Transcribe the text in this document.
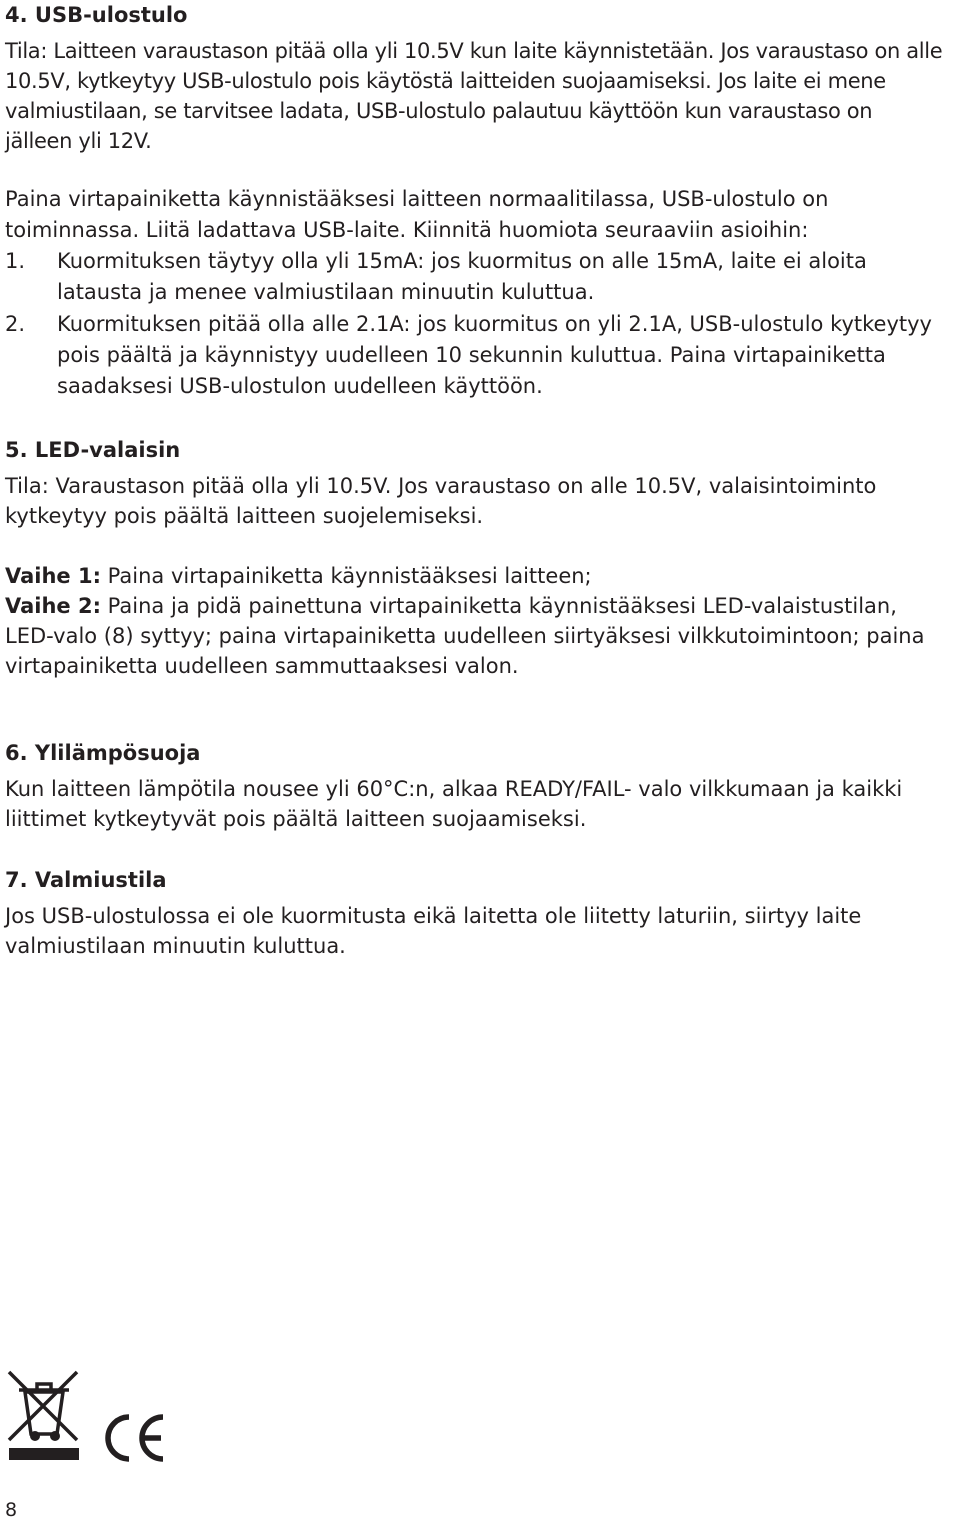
4. USB-ulostulo

Tila: Laitteen varaustason pitää olla yli 10.5V kun laite käynnistetään. Jos varaustaso on alle 10.5V, kytkeytyy USB-ulostulo pois käytöstä laitteiden suojaamiseksi. Jos laite ei mene valmiustilaan, se tarvitsee ladata, USB-ulostulo palautuu käyttöön kun varaustaso on jälleen yli 12V.

Paina virtapainiketta käynnistääksesi laitteen normaalitilassa, USB-ulostulo on toiminnassa. Liitä ladattava USB-laite. Kiinnitä huomiota seuraaviin asioihin:

1.	Kuormituksen täytyy olla yli 15mA: jos kuormitus on alle 15mA, laite ei aloita latausta ja menee valmiustilaan minuutin kuluttua.
2.	Kuormituksen pitää olla alle 2.1A: jos kuormitus on yli 2.1A, USB-ulostulo kytkeytyy pois päältä ja käynnistyy uudelleen 10 sekunnin kuluttua. Paina virtapainiketta saadaksesi USB-ulostulon uudelleen käyttöön.
5. LED-valaisin

Tila: Varaustason pitää olla yli 10.5V. Jos varaustaso on alle 10.5V, valaisintoiminto kytkeytyy pois päältä laitteen suojelemiseksi.

Vaihe 1: Paina virtapainiketta käynnistääksesi laitteen;
Vaihe 2: Paina ja pidä painettuna virtapainiketta käynnistääksesi LED-valaistustilan, LED-valo (8) syttyy; paina virtapainiketta uudelleen siirtyäksesi vilkkutoimintoon; paina virtapainiketta uudelleen sammuttaaksesi valon.

6. Ylilämpösuoja

Kun laitteen lämpötila nousee yli 60°C:n, alkaa READY/FAIL- valo vilkkumaan ja kaikki liittimet kytkeytyvät pois päältä laitteen suojaamiseksi.

7. Valmiustila

Jos USB-ulostulossa ei ole kuormitusta eikä laitetta ole liitetty laturiin, siirtyy laite valmiustilaan minuutin kuluttua.

8
